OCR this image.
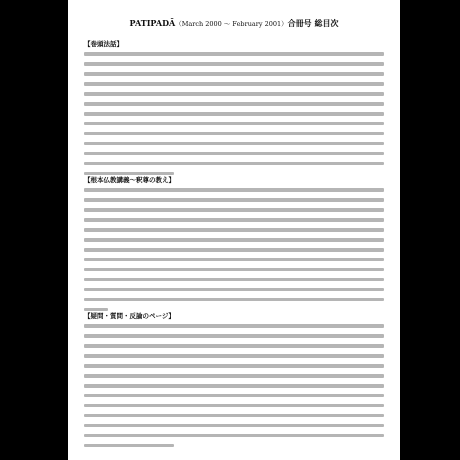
PATIPADĀ（March 2000 〜 February 2001）合冊号 総目次
【巻頭法話】
【根本仏教講義〜釈尊の教え】
【疑問・質問・反論のページ】
